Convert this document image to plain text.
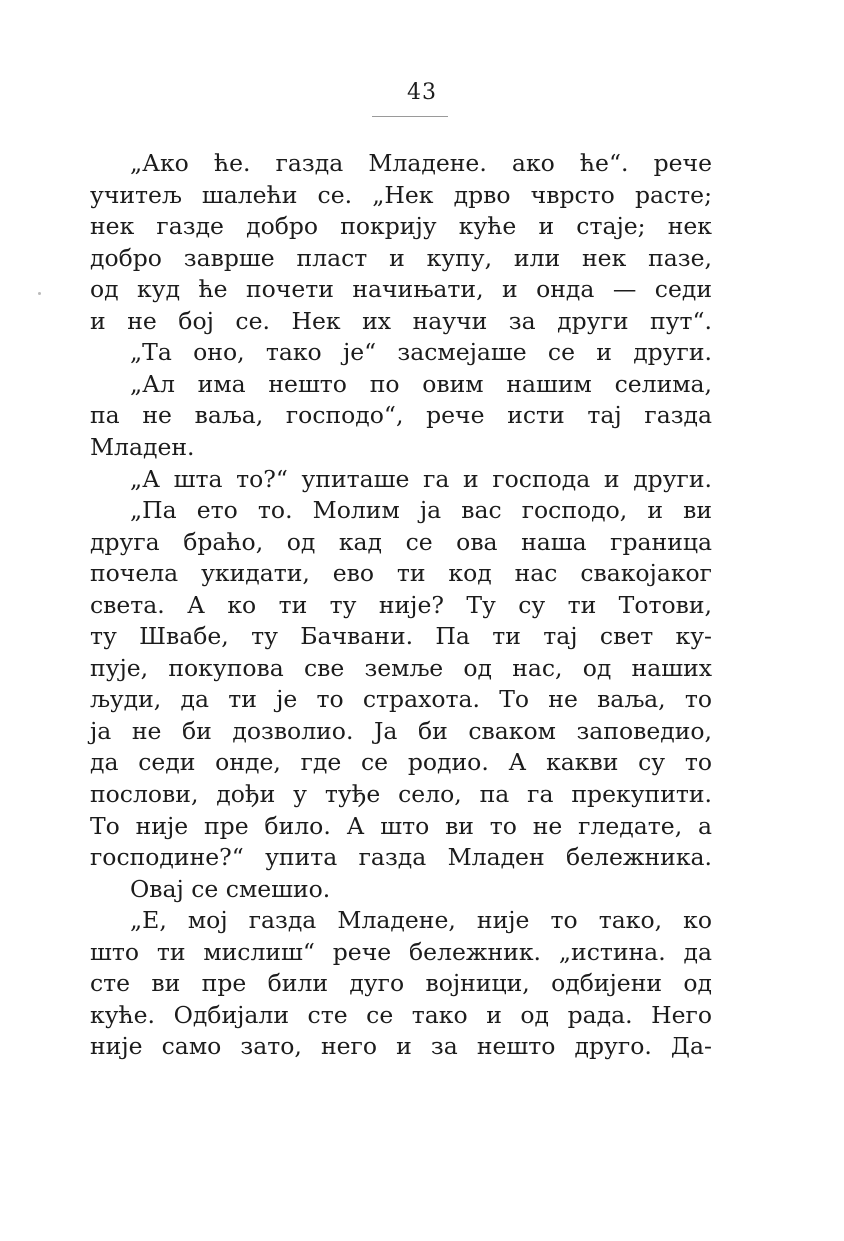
43
„Ако ће. газда Младене. ако ће“. рече
учитељ шалећи се. „Нек дрво чврсто расте;
нек газде добро покрију куће и стаје; нек
добро заврше пласт и купу, или нек пазе,
од куд ће почети начињати, и онда — седи
и не бој се. Нек их научи за други пут“.
„Та оно, тако је“ засмејаше се и други.
„Ал има нешто по овим нашим селима,
па не ваља, господо“, рече исти тај газда
Младен.
„А шта то?“ упиташе га и господа и други.
„Па ето то. Молим ја вас господо, и ви
друга браћо, од кад се ова наша граница
почела укидати, ево ти код нас свакојаког
света. А ко ти ту није? Ту су ти Тотови,
ту Швабе, ту Бачвани. Па ти тај свет ку-
пује, покупова све земље од нас, од наших
људи, да ти је то страхота. То не ваља, то
ја не би дозволио. Ја би сваком заповедио,
да седи онде, где се родио. А какви су то
послови, дођи у туђе село, па га прекупити.
То није пре било. А што ви то не гледате, а
господине?“ упита газда Младен бележника.
Овај се смешио.
„Е, мој газда Младене, није то тако, ко
што ти мислиш“ рече бележник. „истина. да
сте ви пре били дуго војници, одбијени од
куће. Одбијали сте се тако и од рада. Него
није само зато, него и за нешто друго. Да-
